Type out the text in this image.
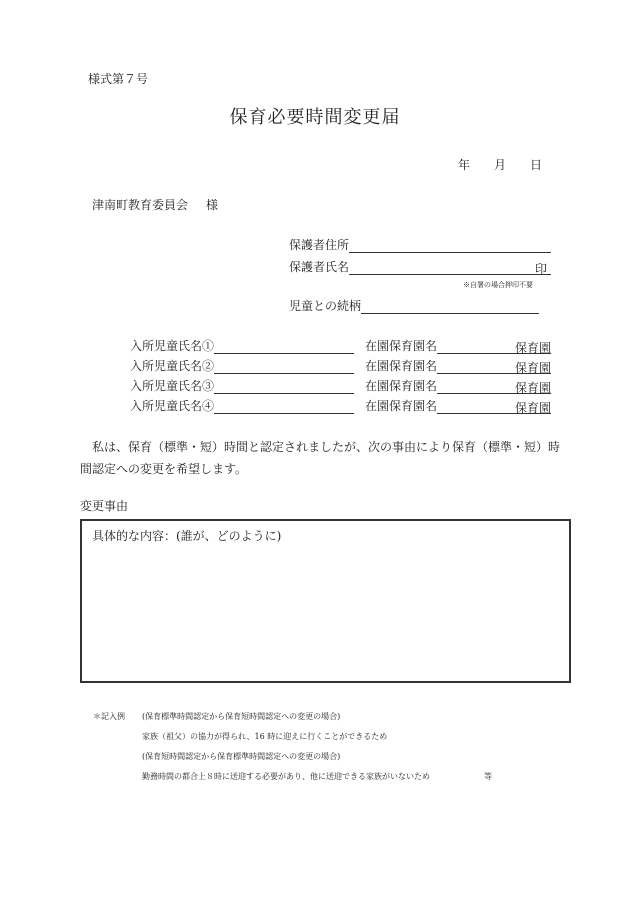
様式第７号
保育必要時間変更届
年 月 日
津南町教育委員会 様
保護者住所
保護者氏名	印
※自署の場合押印不要
児童との続柄
入所児童氏名①	在園保育園名	保育園
入所児童氏名②	在園保育園名	保育園
入所児童氏名③	在園保育園名	保育園
入所児童氏名④	在園保育園名	保育園
私は、保育（標準・短）時間と認定されましたが、次の事由により保育（標準・短）時間認定への変更を希望します。
変更事由
具体的な内容：(誰が、どのように)
＊記入例 (保育標準時間認定から保育短時間認定への変更の場合)
家族（祖父）の協力が得られ、16 時に迎えに行くことができるため
(保育短時間認定から保育標準時間認定への変更の場合)
勤務時間の都合上８時に送迎する必要があり、他に送迎できる家族がいないため	等
